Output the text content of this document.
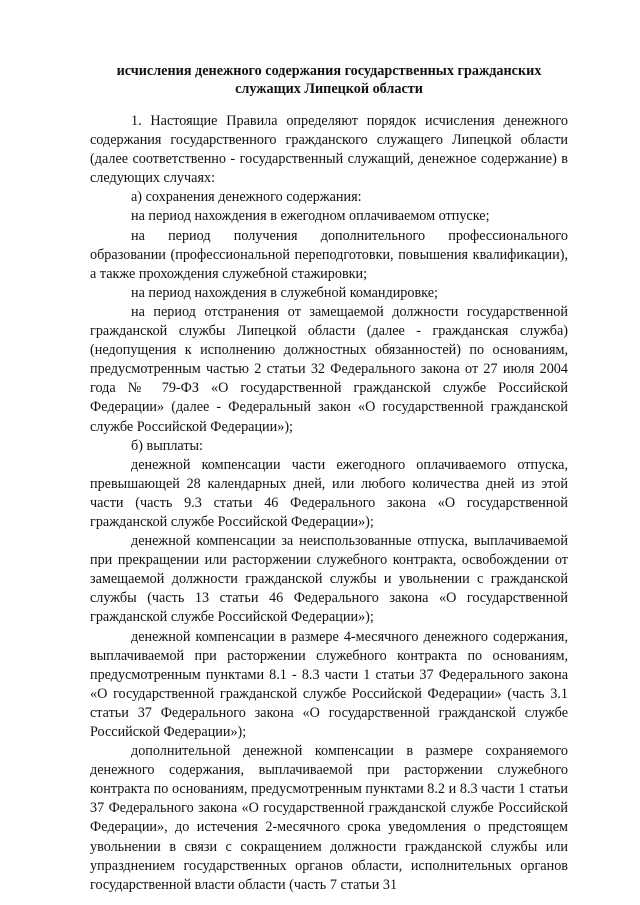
исчисления денежного содержания государственных гражданских
служащих Липецкой области

1. Настоящие Правила определяют порядок исчисления денежного содержания государственного гражданского служащего Липецкой области (далее соответственно - государственный служащий, денежное содержание) в следующих случаях:

а) сохранения денежного содержания:

на период нахождения в ежегодном оплачиваемом отпуске;

на период получения дополнительного профессионального образовании (профессиональной переподготовки, повышения квалификации), а также прохождения служебной стажировки;

на период нахождения в служебной командировке;

на период отстранения от замещаемой должности государственной гражданской службы Липецкой области (далее - гражданская служба) (недопущения к исполнению должностных обязанностей) по основаниям, предусмотренным частью 2 статьи 32 Федерального закона от 27 июля 2004 года № 79-ФЗ «О государственной гражданской службе Российской Федерации» (далее - Федеральный закон «О государственной гражданской службе Российской Федерации»);

б) выплаты:

денежной компенсации части ежегодного оплачиваемого отпуска, превышающей 28 календарных дней, или любого количества дней из этой части (часть 9.3 статьи 46 Федерального закона «О государственной гражданской службе Российской Федерации»);

денежной компенсации за неиспользованные отпуска, выплачиваемой при прекращении или расторжении служебного контракта, освобождении от замещаемой должности гражданской службы и увольнении с гражданской службы (часть 13 статьи 46 Федерального закона «О государственной гражданской службе Российской Федерации»);

денежной компенсации в размере 4-месячного денежного содержания, выплачиваемой при расторжении служебного контракта по основаниям, предусмотренным пунктами 8.1 - 8.3 части 1 статьи 37 Федерального закона «О государственной гражданской службе Российской Федерации» (часть 3.1 статьи 37 Федерального закона «О государственной гражданской службе Российской Федерации»);

дополнительной денежной компенсации в размере сохраняемого денежного содержания, выплачиваемой при расторжении служебного контракта по основаниям, предусмотренным пунктами 8.2 и 8.3 части 1 статьи 37 Федерального закона «О государственной гражданской службе Российской Федерации», до истечения 2-месячного срока уведомления о предстоящем увольнении в связи с сокращением должности гражданской службы или упразднением государственных органов области, исполнительных органов государственной власти области (часть 7 статьи 31
